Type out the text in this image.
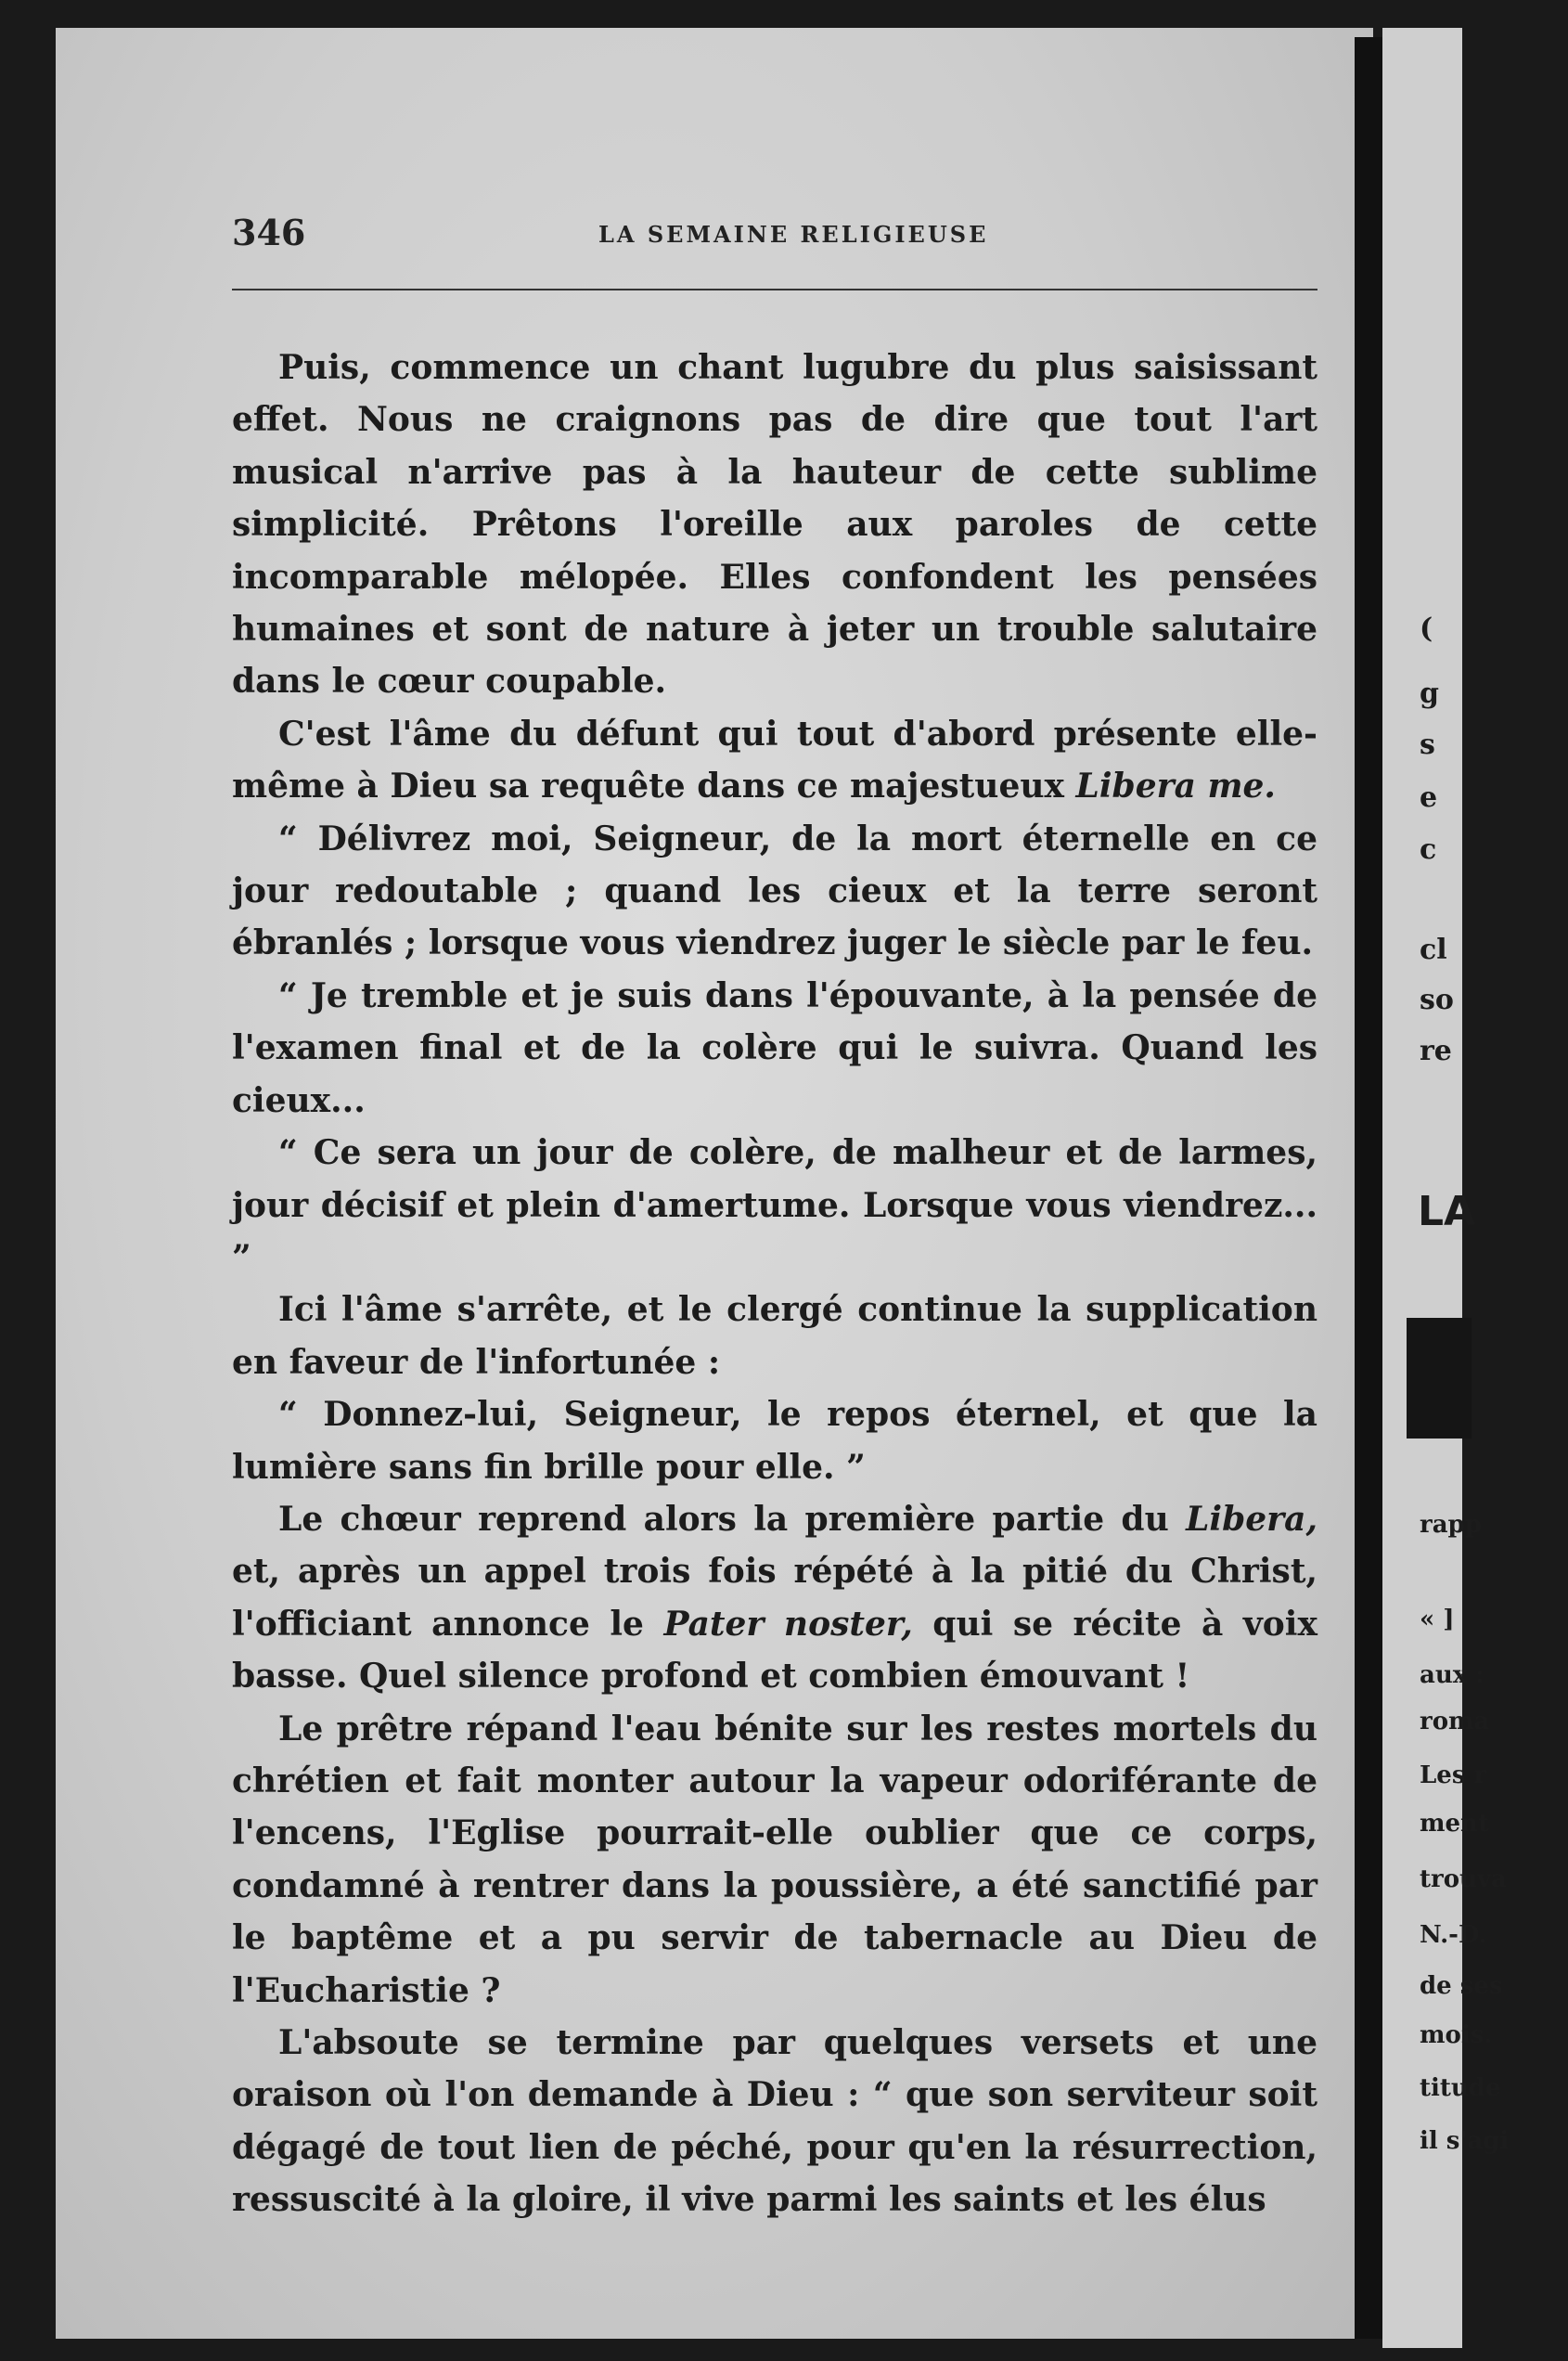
346	LA SEMAINE RELIGIEUSE

Puis, commence un chant lugubre du plus saisissant effet. Nous ne craignons pas de dire que tout l'art musical n'arrive pas à la hauteur de cette sublime simplicité. Prêtons l'oreille aux paroles de cette incomparable mélopée. Elles confondent les pensées humaines et sont de nature à jeter un trouble salutaire dans le cœur coupable.

C'est l'âme du défunt qui tout d'abord présente elle-même à Dieu sa requête dans ce majestueux Libera me.

“ Délivrez moi, Seigneur, de la mort éternelle en ce jour redoutable ; quand les cieux et la terre seront ébranlés ; lorsque vous viendrez juger le siècle par le feu.

“ Je tremble et je suis dans l'épouvante, à la pensée de l'examen final et de la colère qui le suivra. Quand les cieux...

“ Ce sera un jour de colère, de malheur et de larmes, jour décisif et plein d'amertume. Lorsque vous viendrez... ”

Ici l'âme s'arrête, et le clergé continue la supplication en faveur de l'infortunée :

“ Donnez-lui, Seigneur, le repos éternel, et que la lumière sans fin brille pour elle. ”

Le chœur reprend alors la première partie du Libera, et, après un appel trois fois répété à la pitié du Christ, l'officiant annonce le Pater noster, qui se récite à voix basse. Quel silence profond et combien émouvant !

Le prêtre répand l'eau bénite sur les restes mortels du chrétien et fait monter autour la vapeur odoriférante de l'encens, l'Eglise pourrait-elle oublier que ce corps, condamné à rentrer dans la poussière, a été sanctifié par le baptême et a pu servir de tabernacle au Dieu de l'Eucharistie ?

L'absoute se termine par quelques versets et une oraison où l'on demande à Dieu : “ que son serviteur soit dégagé de tout lien de péché, pour qu'en la résurrection, ressuscité à la gloire, il vive parmi les saints et les élus

(
g
s
e
c
cl
so
re
LA
rapp
« ]
aux :
roma
Les r
ment
trouva
N.-D.
de ses
mois.
titude
il s'agi
